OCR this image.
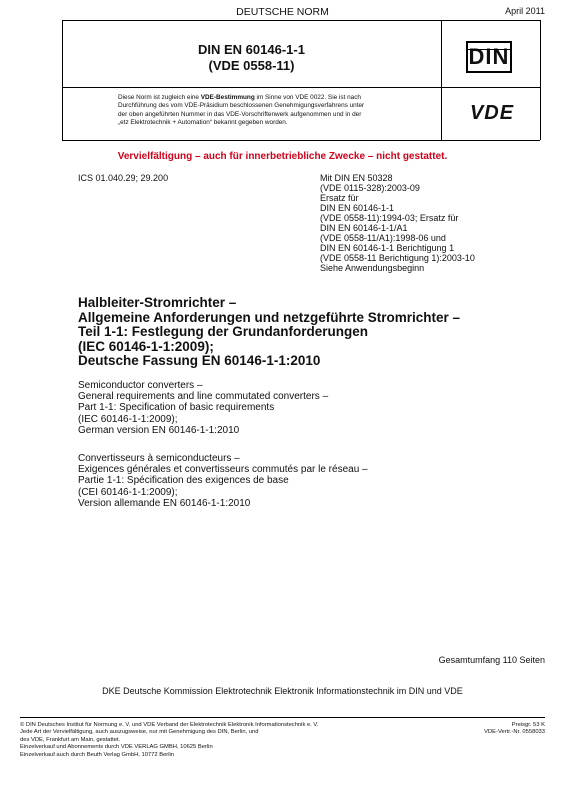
DEUTSCHE NORM	April 2011
DIN EN 60146-1-1
(VDE 0558-11)	DIN
VDE
Diese Norm ist zugleich eine VDE-Bestimmung im Sinne von VDE 0022. Sie ist nach
Durchführung des vom VDE-Präsidium beschlossenen Genehmigungsverfahrens unter
der oben angeführten Nummer in das VDE-Vorschriftenwerk aufgenommen und in der
„etz Elektrotechnik + Automation“ bekannt gegeben worden.
Vervielfältigung – auch für innerbetriebliche Zwecke – nicht gestattet.
ICS 01.040.29; 29.200	Mit DIN EN 50328
(VDE 0115-328):2003-09
Ersatz für
DIN EN 60146-1-1
(VDE 0558-11):1994-03; Ersatz für
DIN EN 60146-1-1/A1
(VDE 0558-11/A1):1998-06 und
DIN EN 60146-1-1 Berichtigung 1
(VDE 0558-11 Berichtigung 1):2003-10
Siehe Anwendungsbeginn
Halbleiter-Stromrichter –
Allgemeine Anforderungen und netzgeführte Stromrichter –
Teil 1-1: Festlegung der Grundanforderungen
(IEC 60146-1-1:2009);
Deutsche Fassung EN 60146-1-1:2010
Semiconductor converters –
General requirements and line commutated converters –
Part 1-1: Specification of basic requirements
(IEC 60146-1-1:2009);
German version EN 60146-1-1:2010
Convertisseurs à semiconducteurs –
Exigences générales et convertisseurs commutés par le réseau –
Partie 1-1: Spécification des exigences de base
(CEI 60146-1-1:2009);
Version allemande EN 60146-1-1:2010
Gesamtumfang 110 Seiten
DKE Deutsche Kommission Elektrotechnik Elektronik Informationstechnik im DIN und VDE
© DIN Deutsches Institut für Normung e. V. und VDE Verband der Elektrotechnik Elektronik Informationstechnik e. V.
Jede Art der Vervielfältigung, auch auszugsweise, nur mit Genehmigung des DIN, Berlin, und
des VDE, Frankfurt am Main, gestattet.
Einzelverkauf und Abonnements durch VDE VERLAG GMBH, 10625 Berlin
Einzelverkauf auch durch Beuth Verlag GmbH, 10772 Berlin
Preisgr. 53 K
VDE-Vertr.-Nr. 0558033
